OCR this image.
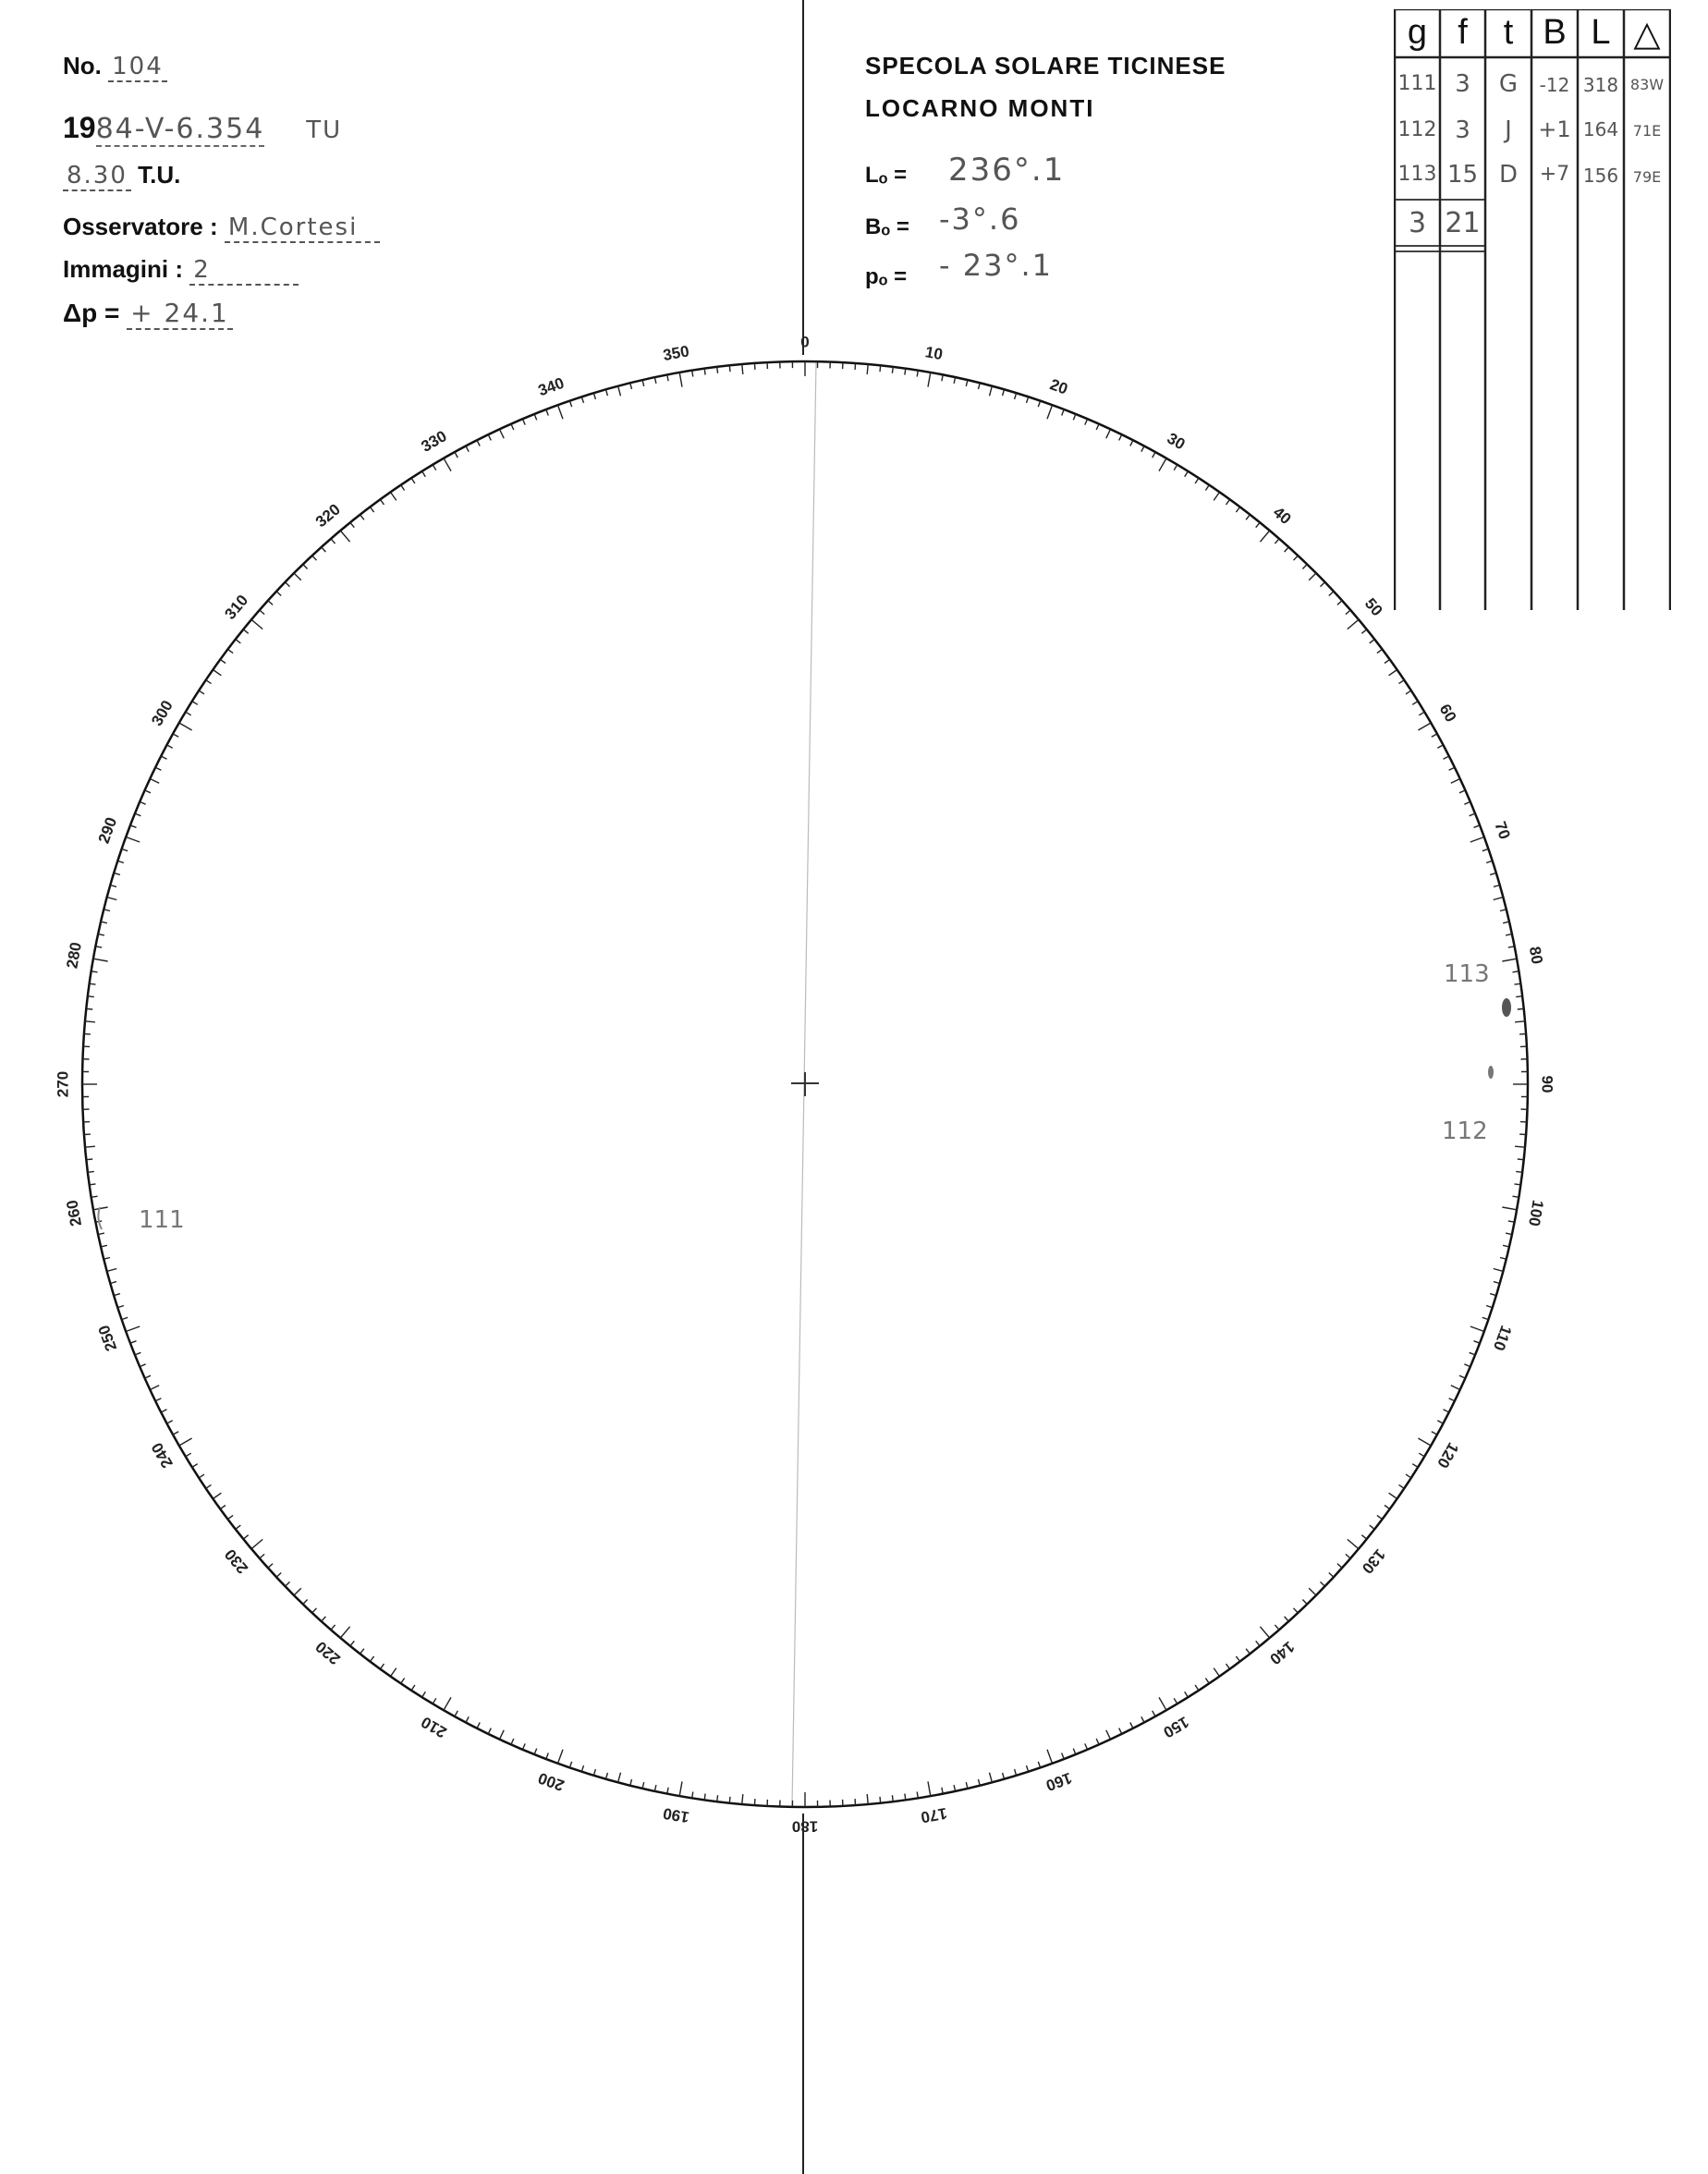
No. 104
1984-V-6.354 TU
8.30 T.U.
Osservatore : M.Cortesi
Immagini : 2
Δp = + 24.1
SPECOLA SOLARE TICINESE
LOCARNO MONTI
Lₒ = 236°.1
Bₒ = -3°.6
pₒ = - 23°.1
0
10
20
30
40
50
60
70
80
90
100
110
120
130
140
150
160
170
180
190
200
210
220
230
240
250
260
270
280
290
300
310
320
330
340
350
111
112
113
g f	t B L △
111 3	G	-12 318 83W
112 3	J	+1 164 71E
113 15 D	+7 156 79E
3 21
